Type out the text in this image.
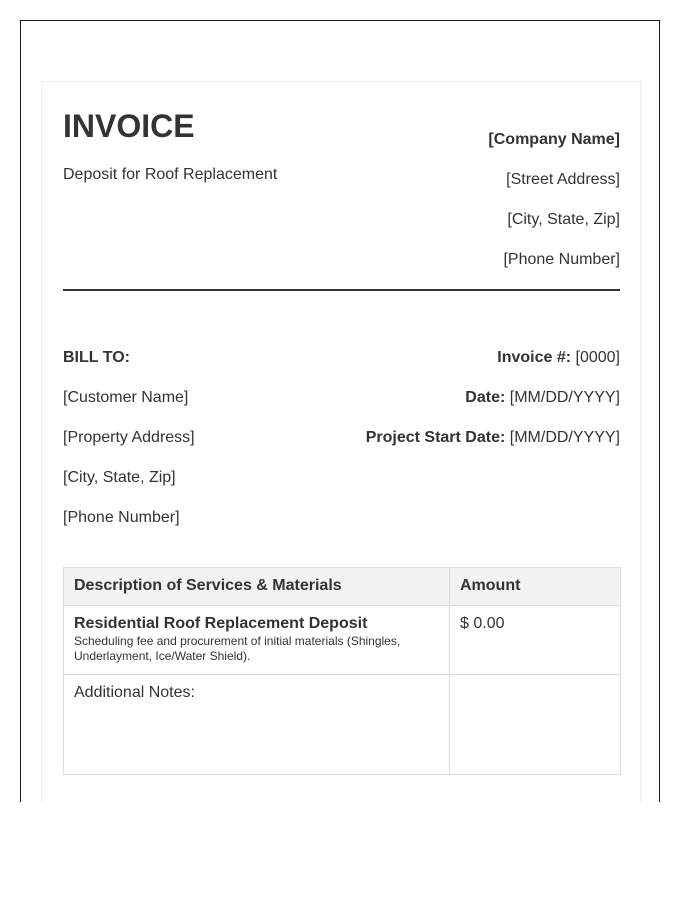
INVOICE
Deposit for Roof Replacement
[Company Name]
[Street Address]
[City, State, Zip]
[Phone Number]
BILL TO:
[Customer Name]
[Property Address]
[City, State, Zip]
[Phone Number]
Invoice #: [0000]
Date: [MM/DD/YYYY]
Project Start Date: [MM/DD/YYYY]
Description of Services & Materials	Amount

Residential Roof Replacement Deposit
Scheduling fee and procurement of initial materials (Shingles, Underlayment, Ice/Water Shield).	$ 0.00
Additional Notes:	
